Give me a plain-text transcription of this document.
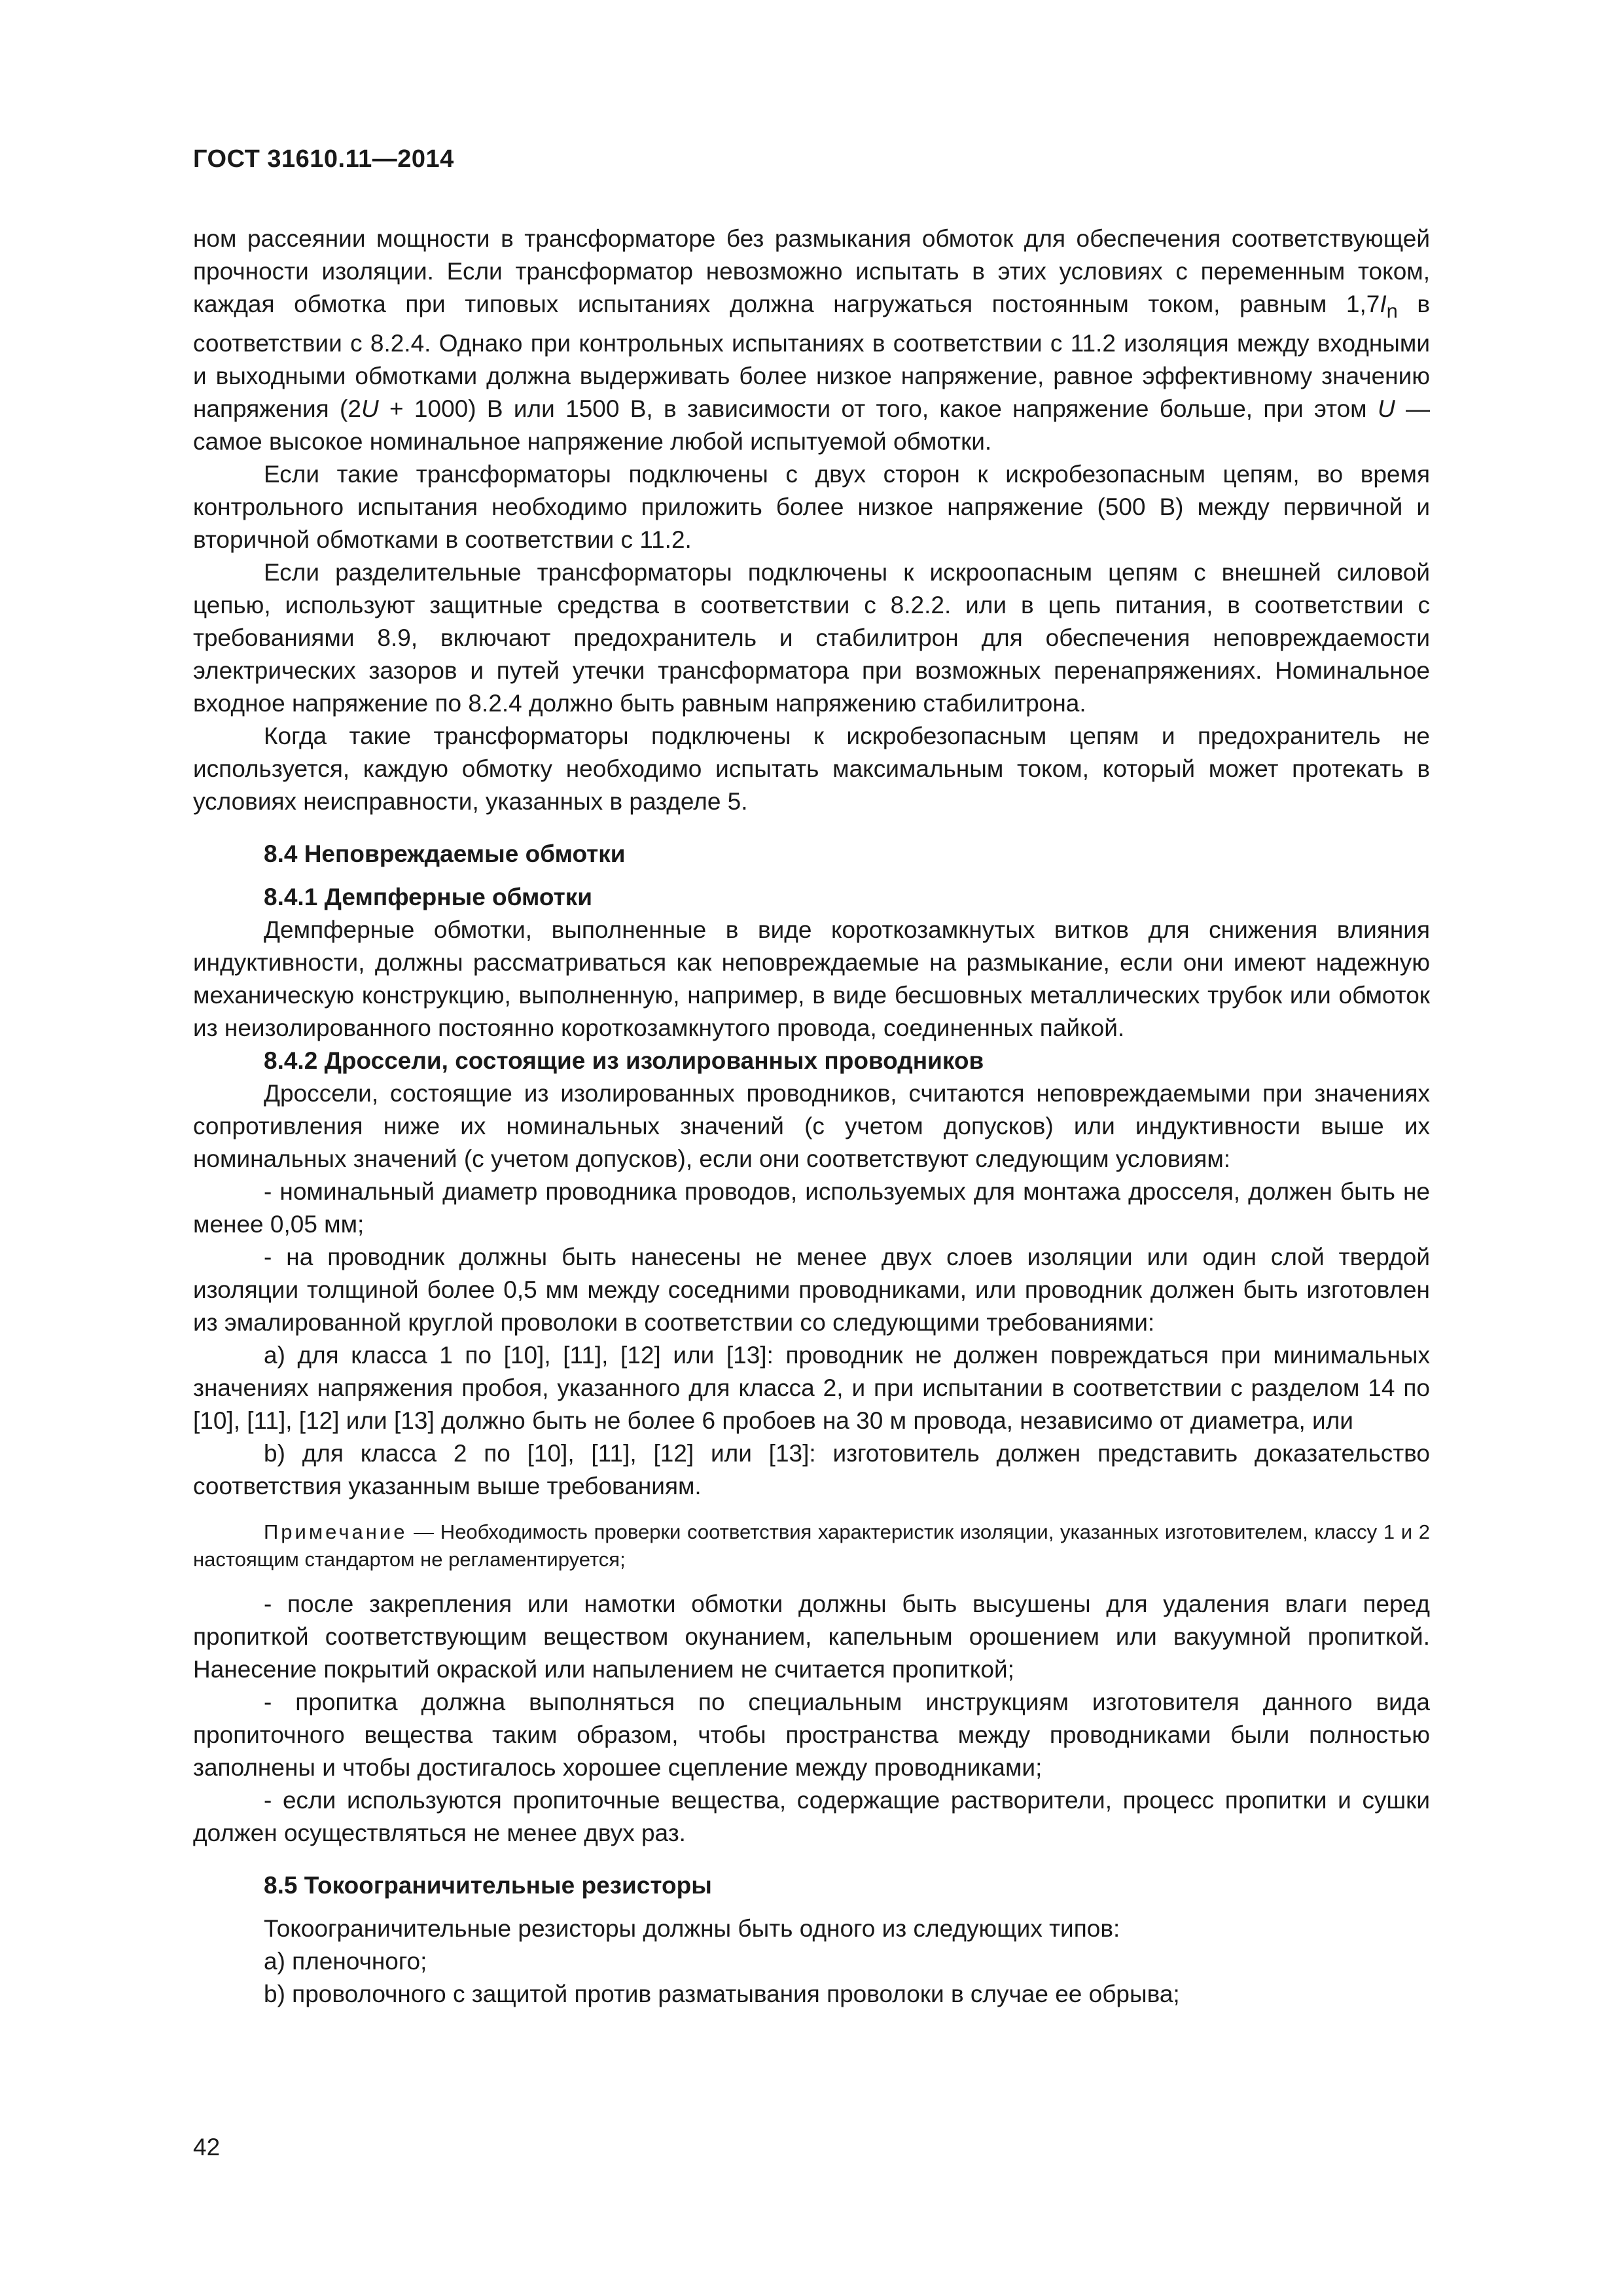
ГОСТ 31610.11—2014

ном рассеянии мощности в трансформаторе без размыкания обмоток для обеспечения соответствующей прочности изоляции. Если трансформатор невозможно испытать в этих условиях с переменным током, каждая обмотка при типовых испытаниях должна нагружаться постоянным током, равным $1,7I_n$ в соответствии с 8.2.4. Однако при контрольных испытаниях в соответствии с 11.2 изоляция между входными и выходными обмотками должна выдерживать более низкое напряжение, равное эффективному значению напряжения (2U + 1000) В или 1500 В, в зависимости от того, какое напряжение больше, при этом U — самое высокое номинальное напряжение любой испытуемой обмотки.

Если такие трансформаторы подключены с двух сторон к искробезопасным цепям, во время контрольного испытания необходимо приложить более низкое напряжение (500 В) между первичной и вторичной обмотками в соответствии с 11.2.

Если разделительные трансформаторы подключены к искроопасным цепям с внешней силовой цепью, используют защитные средства в соответствии с 8.2.2. или в цепь питания, в соответствии с требованиями 8.9, включают предохранитель и стабилитрон для обеспечения неповреждаемости электрических зазоров и путей утечки трансформатора при возможных перенапряжениях. Номинальное входное напряжение по 8.2.4 должно быть равным напряжению стабилитрона.

Когда такие трансформаторы подключены к искробезопасным цепям и предохранитель не используется, каждую обмотку необходимо испытать максимальным током, который может протекать в условиях неисправности, указанных в разделе 5.

8.4 Неповреждаемые обмотки

8.4.1 Демпферные обмотки

Демпферные обмотки, выполненные в виде короткозамкнутых витков для снижения влияния индуктивности, должны рассматриваться как неповреждаемые на размыкание, если они имеют надежную механическую конструкцию, выполненную, например, в виде бесшовных металлических трубок или обмоток из неизолированного постоянно короткозамкнутого провода, соединенных пайкой.

8.4.2 Дроссели, состоящие из изолированных проводников

Дроссели, состоящие из изолированных проводников, считаются неповреждаемыми при значениях сопротивления ниже их номинальных значений (с учетом допусков) или индуктивности выше их номинальных значений (с учетом допусков), если они соответствуют следующим условиям:

- номинальный диаметр проводника проводов, используемых для монтажа дросселя, должен быть не менее 0,05 мм;

- на проводник должны быть нанесены не менее двух слоев изоляции или один слой твердой изоляции толщиной более 0,5 мм между соседними проводниками, или проводник должен быть изготовлен из эмалированной круглой проволоки в соответствии со следующими требованиями:

а) для класса 1 по [10], [11], [12] или [13]: проводник не должен повреждаться при минимальных значениях напряжения пробоя, указанного для класса 2, и при испытании в соответствии с разделом 14 по [10], [11], [12] или [13] должно быть не более 6 пробоев на 30 м провода, независимо от диаметра, или

b) для класса 2 по [10], [11], [12] или [13]: изготовитель должен представить доказательство соответствия указанным выше требованиям.

Примечание — Необходимость проверки соответствия характеристик изоляции, указанных изготовителем, классу 1 и 2 настоящим стандартом не регламентируется;

- после закрепления или намотки обмотки должны быть высушены для удаления влаги перед пропиткой соответствующим веществом окунанием, капельным орошением или вакуумной пропиткой. Нанесение покрытий окраской или напылением не считается пропиткой;

- пропитка должна выполняться по специальным инструкциям изготовителя данного вида пропиточного вещества таким образом, чтобы пространства между проводниками были полностью заполнены и чтобы достигалось хорошее сцепление между проводниками;

- если используются пропиточные вещества, содержащие растворители, процесс пропитки и сушки должен осуществляться не менее двух раз.

8.5 Токоограничительные резисторы

Токоограничительные резисторы должны быть одного из следующих типов:

а) пленочного;

b) проволочного с защитой против разматывания проволоки в случае ее обрыва;

42
